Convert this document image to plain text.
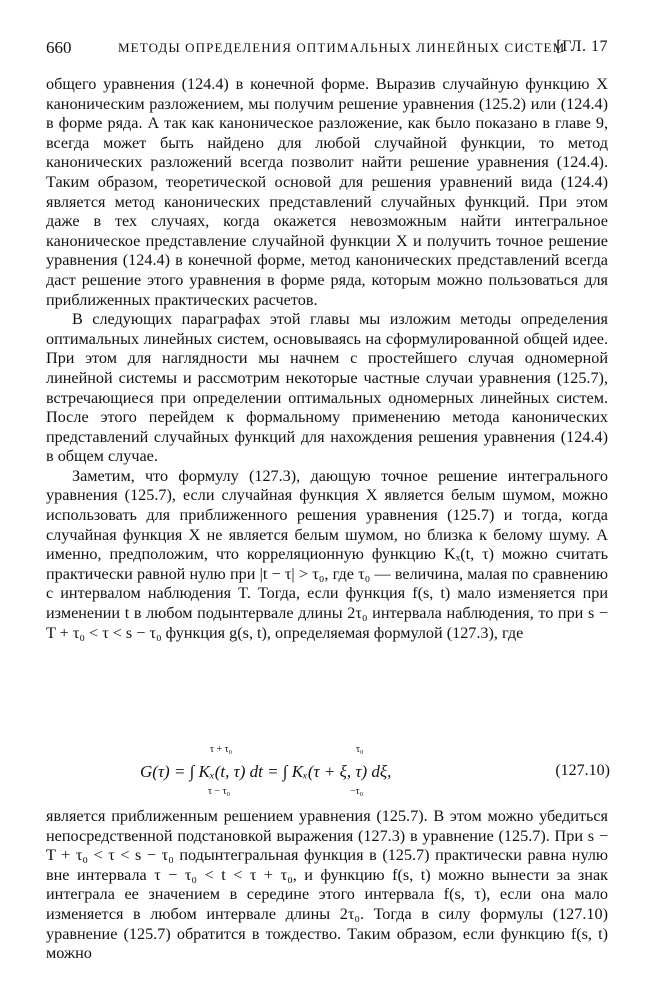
660	МЕТОДЫ ОПРЕДЕЛЕНИЯ ОПТИМАЛЬНЫХ ЛИНЕЙНЫХ СИСТЕМ
[ГЛ. 17

общего уравнения (124.4) в конечной форме. Выразив случайную функцию X каноническим разложением, мы получим решение уравнения (125.2) или (124.4) в форме ряда. А так как каноническое разложение, как было показано в главе 9, всегда может быть найдено для любой случайной функции, то метод канонических разложений всегда позволит найти решение уравнения (124.4). Таким образом, теоретической основой для решения уравнений вида (124.4) является метод канонических представлений случайных функций. При этом даже в тех случаях, когда окажется невозможным найти интегральное каноническое представление случайной функции X и получить точное решение уравнения (124.4) в конечной форме, метод канонических представлений всегда даст решение этого уравнения в форме ряда, которым можно пользоваться для приближенных практических расчетов.

В следующих параграфах этой главы мы изложим методы определения оптимальных линейных систем, основываясь на сформулированной общей идее. При этом для наглядности мы начнем с простейшего случая одномерной линейной системы и рассмотрим некоторые частные случаи уравнения (125.7), встречающиеся при определении оптимальных одномерных линейных систем. После этого перейдем к формальному применению метода канонических представлений случайных функций для нахождения решения уравнения (124.4) в общем случае.

Заметим, что формулу (127.3), дающую точное решение интегрального уравнения (125.7), если случайная функция X является белым шумом, можно использовать для приближенного решения уравнения (125.7) и тогда, когда случайная функция X не является белым шумом, но близка к белому шуму. А именно, предположим, что корреляционную функцию Kₓ(t, τ) можно считать практически равной нулю при |t − τ| > τ₀, где τ₀ — величина, малая по сравнению с интервалом наблюдения T. Тогда, если функция f(s, t) мало изменяется при изменении t в любом подынтервале длины 2τ₀ интервала наблюдения, то при s − T + τ₀ < τ < s − τ₀ функция g(s, t), определяемая формулой (127.3), где

τ + τ₀
τ − τ₀
τ₀
−τ₀
G(τ) = ∫ Kₓ(t, τ) dt = ∫ Kₓ(τ + ξ, τ) dξ,	(127.10)

является приближенным решением уравнения (125.7). В этом можно убедиться непосредственной подстановкой выражения (127.3) в уравнение (125.7). При s − T + τ₀ < τ < s − τ₀ подынтегральная функция в (125.7) практически равна нулю вне интервала τ − τ₀ < t < τ + τ₀, и функцию f(s, t) можно вынести за знак интеграла ее значением в середине этого интервала f(s, τ), если она мало изменяется в любом интервале длины 2τ₀. Тогда в силу формулы (127.10) уравнение (125.7) обратится в тождество. Таким образом, если функцию f(s, t) можно
